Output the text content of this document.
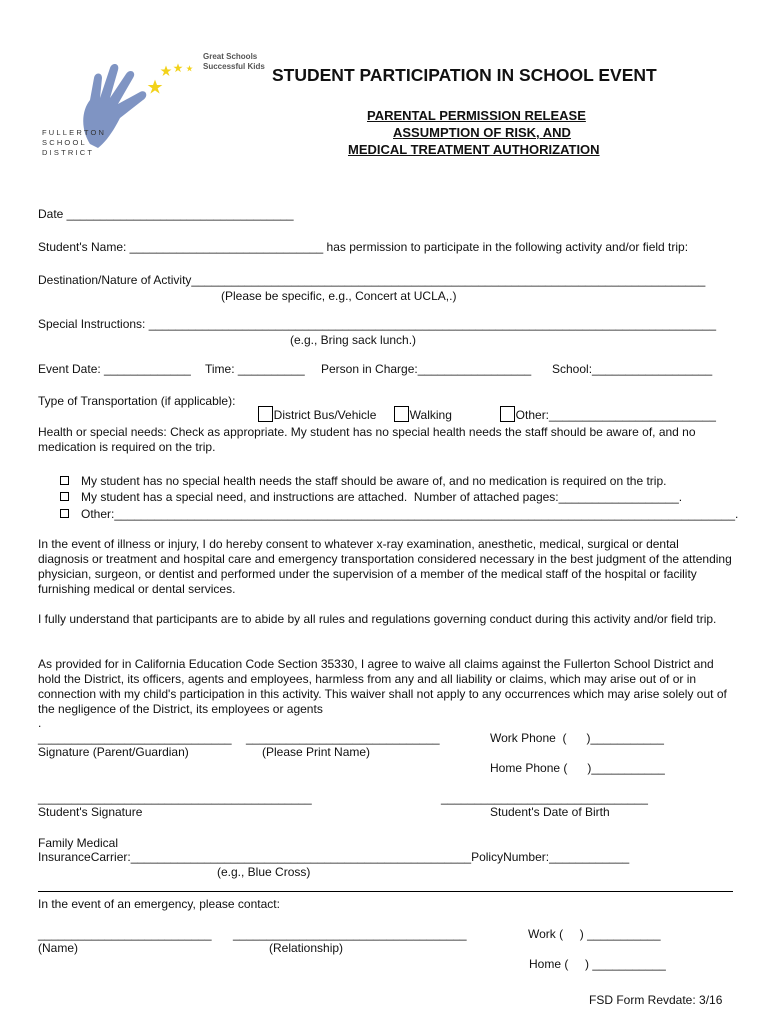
Great Schools
Successful Kids
FULLERTON
SCHOOL
DISTRICT
STUDENT PARTICIPATION IN SCHOOL EVENT
PARENTAL PERMISSION RELEASE
ASSUMPTION OF RISK, AND
MEDICAL TREATMENT AUTHORIZATION
Date __________________________________
Student's Name: _____________________________ has permission to participate in the following activity and/or field trip:
Destination/Nature of Activity_____________________________________________________________________________
(Please be specific, e.g., Concert at UCLA,.)
Special Instructions: _____________________________________________________________________________________
(e.g., Bring sack lunch.)
Event Date: _____________ Time: __________ Person in Charge:_________________ School:__________________
Type of Transportation (if applicable):

District Bus/Vehicle	Walking	Other:_________________________

Health or special needs: Check as appropriate. My student has no special health needs the staff should be aware of, and no medication is required on the trip.
My student has no special health needs the staff should be aware of, and no medication is required on the trip.
My student has a special need, and instructions are attached.  Number of attached pages:__________________.
Other:_____________________________________________________________________________________________.
In the event of illness or injury, I do hereby consent to whatever x-ray examination, anesthetic, medical, surgical or dental diagnosis or treatment and hospital care and emergency transportation considered necessary in the best judgment of the attending physician, surgeon, or dentist and performed under the supervision of a member of the medical staff of the hospital or facility furnishing medical or dental services.
I fully understand that participants are to abide by all rules and regulations governing conduct during this activity and/or field trip.
As provided for in California Education Code Section 35330, I agree to waive all claims against the Fullerton School District and hold the District, its officers, agents and employees, harmless from any and all liability or claims, which may arise out of or in connection with my child's participation in this activity. This waiver shall not apply to any occurrences which may arise solely out of the negligence of the District, its employees or agents
.
_____________________________ _____________________________
Signature (Parent/Guardian)	(Please Print Name)
Work Phone  (      )___________
Home Phone (      )___________
_________________________________________	_______________________________
Student's Signature	Student's Date of Birth
Family Medical
InsuranceCarrier:___________________________________________________PolicyNumber:____________
(e.g., Blue Cross)
In the event of an emergency, please contact:
__________________________ ___________________________________
(Name)	(Relationship)
Work (     ) ___________
Home (     ) ___________
FSD Form Revdate: 3/16
